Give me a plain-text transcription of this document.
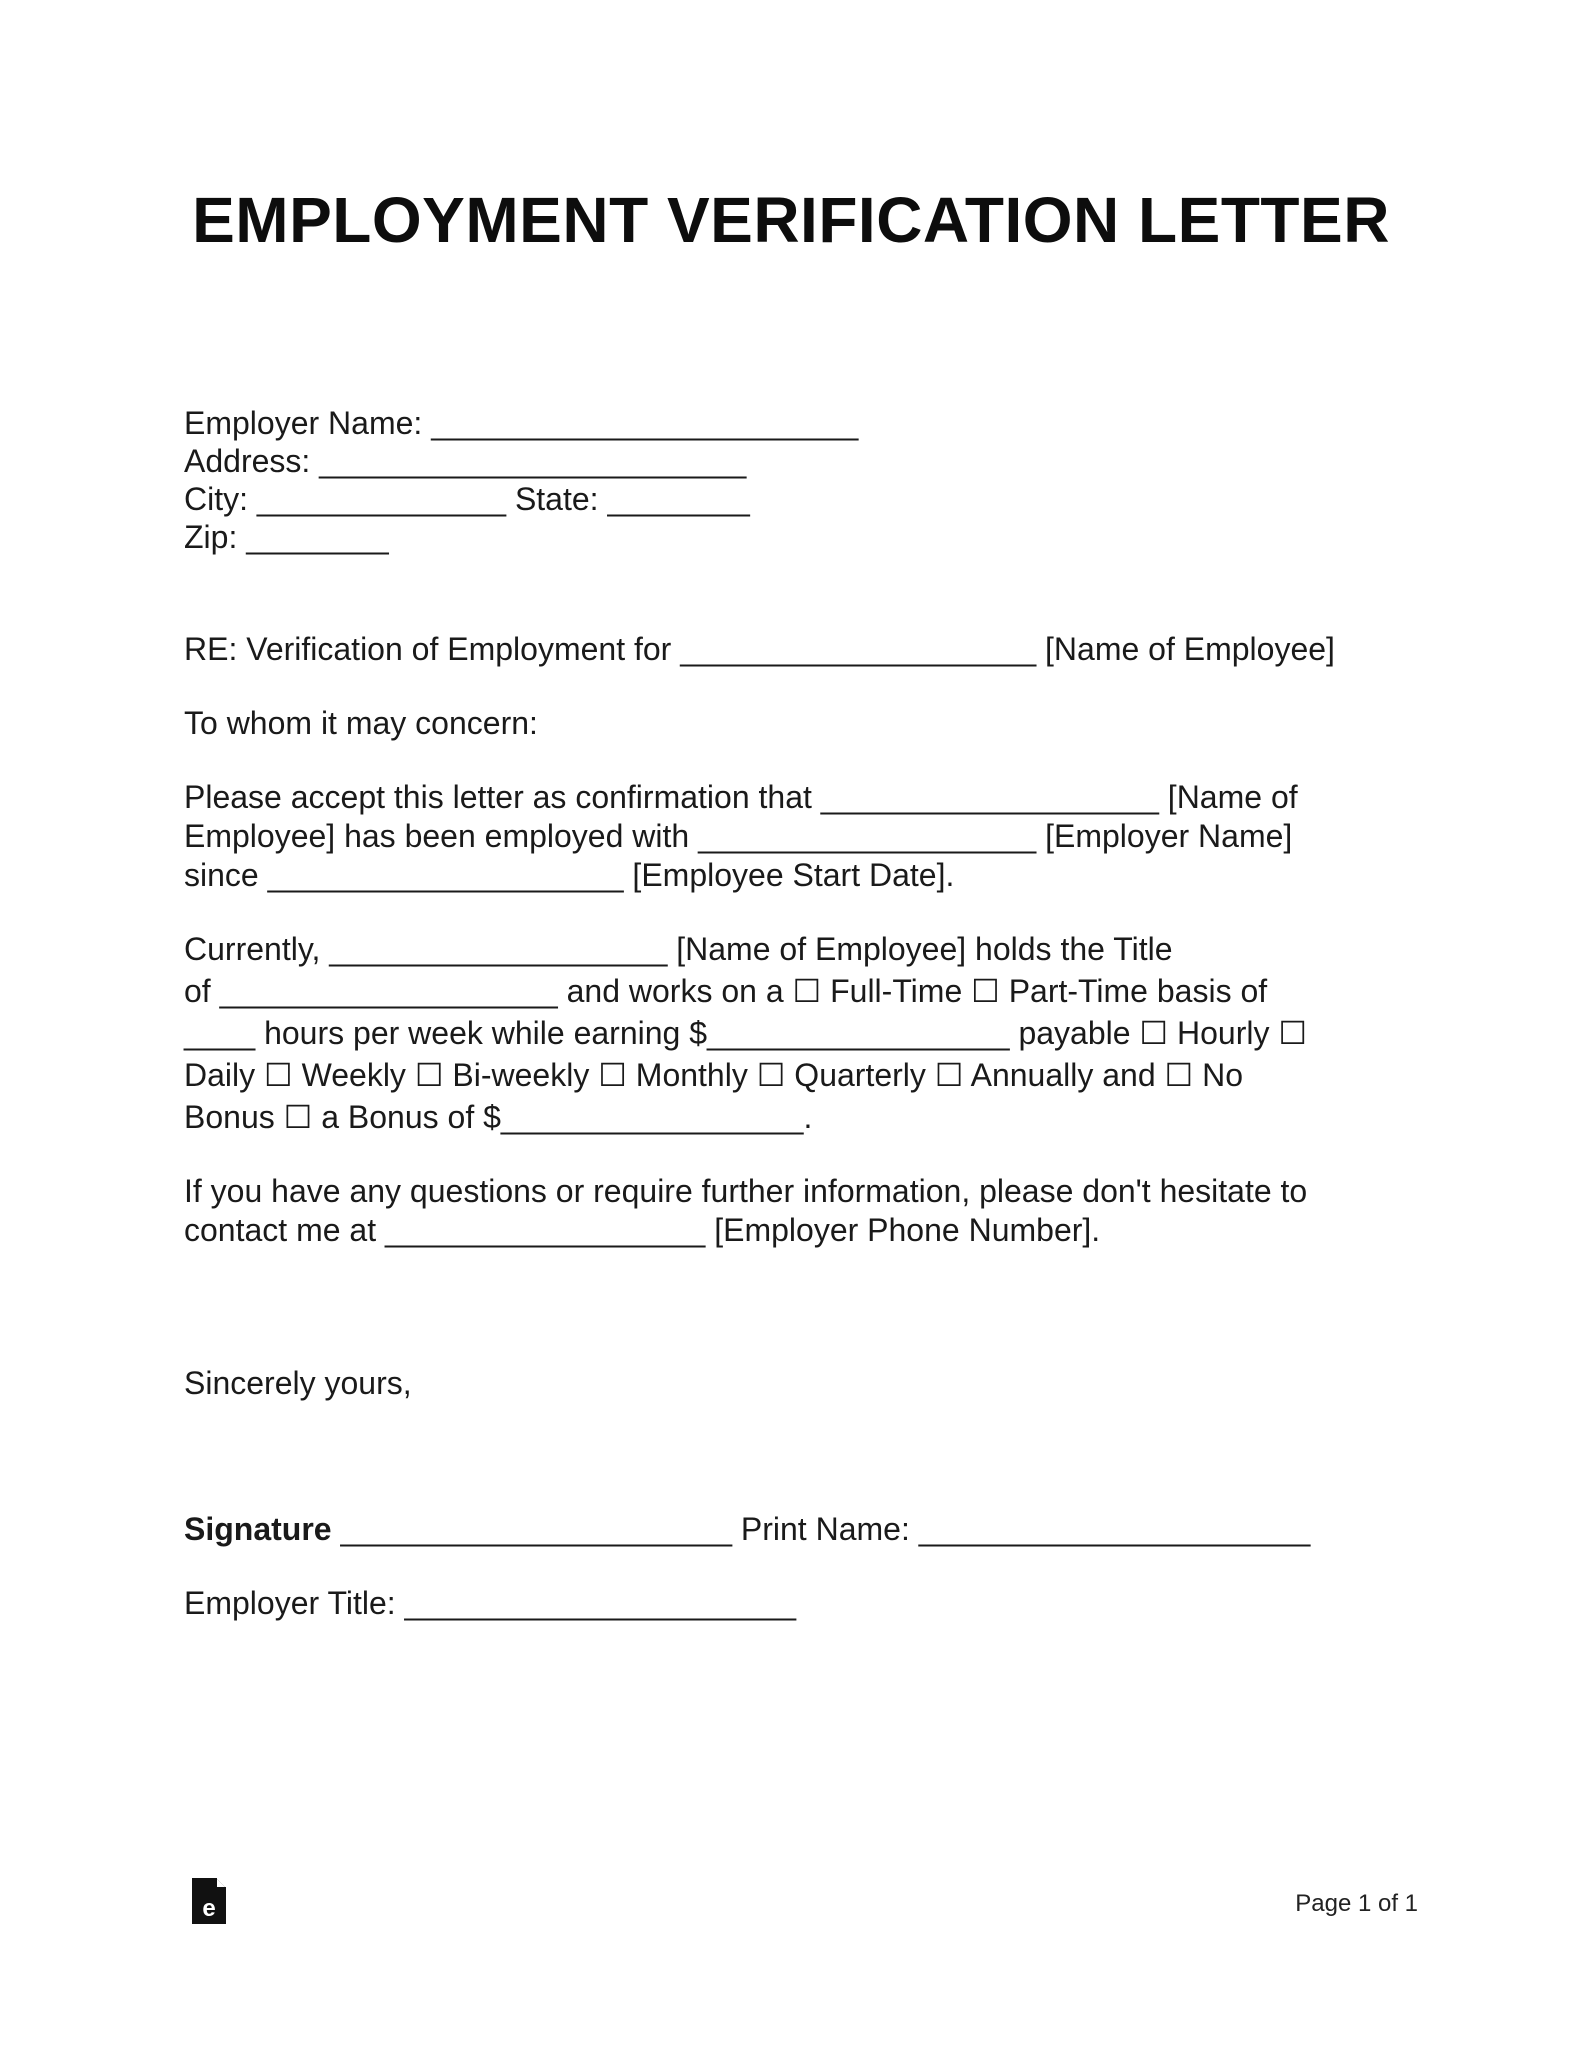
EMPLOYMENT VERIFICATION LETTER
Employer Name: ________________________
Address: ________________________
City: ______________ State: ________
Zip: ________
RE: Verification of Employment for ____________________ [Name of Employee]
To whom it may concern:
Please accept this letter as confirmation that ___________________ [Name of
Employee] has been employed with ___________________ [Employer Name]
since ____________________ [Employee Start Date].
Currently, ___________________ [Name of Employee] holds the Title
of ___________________ and works on a ☐ Full-Time ☐ Part-Time basis of
____ hours per week while earning $_________________ payable ☐ Hourly ☐
Daily ☐ Weekly ☐ Bi-weekly ☐ Monthly ☐ Quarterly ☐ Annually and ☐ No
Bonus ☐ a Bonus of $_________________.
If you have any questions or require further information, please don't hesitate to
contact me at __________________ [Employer Phone Number].
Sincerely yours,
Signature ______________________ Print Name: ______________________
Employer Title: ______________________
e	Page 1 of 1
